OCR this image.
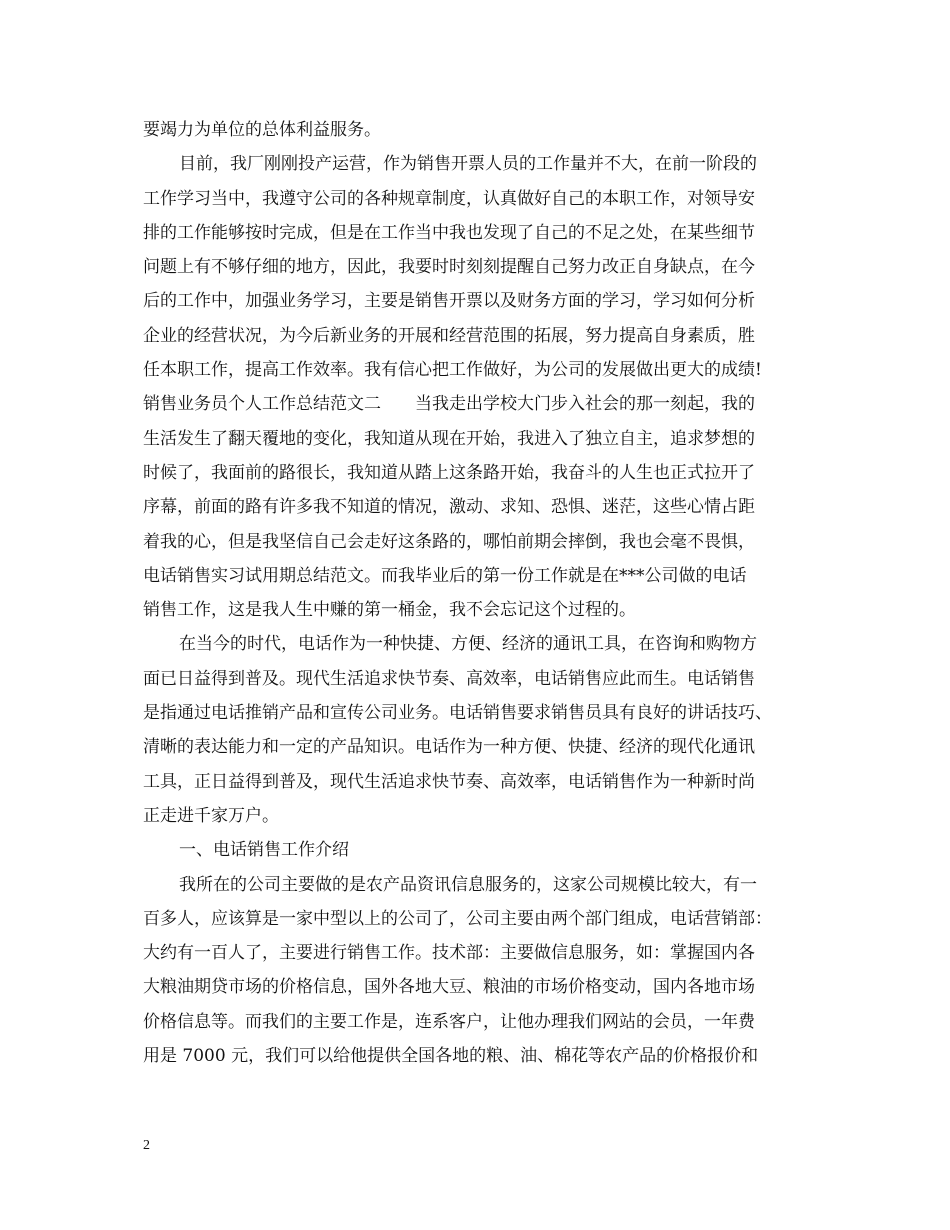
要竭力为单位的总体利益服务。
目前，我厂刚刚投产运营，作为销售开票人员的工作量并不大，在前一阶段的
工作学习当中，我遵守公司的各种规章制度，认真做好自己的本职工作，对领导安
排的工作能够按时完成，但是在工作当中我也发现了自己的不足之处，在某些细节
问题上有不够仔细的地方，因此，我要时时刻刻提醒自己努力改正自身缺点，在今
后的工作中，加强业务学习，主要是销售开票以及财务方面的学习，学习如何分析
企业的经营状况，为今后新业务的开展和经营范围的拓展，努力提高自身素质，胜
任本职工作，提高工作效率。我有信心把工作做好，为公司的发展做出更大的成绩!
销售业务员个人工作总结范文二　　当我走出学校大门步入社会的那一刻起，我的
生活发生了翻天覆地的变化，我知道从现在开始，我进入了独立自主，追求梦想的
时候了，我面前的路很长，我知道从踏上这条路开始，我奋斗的人生也正式拉开了
序幕，前面的路有许多我不知道的情况，激动、求知、恐惧、迷茫，这些心情占距
着我的心，但是我坚信自己会走好这条路的，哪怕前期会摔倒，我也会毫不畏惧，
电话销售实习试用期总结范文。而我毕业后的第一份工作就是在***公司做的电话
销售工作，这是我人生中赚的第一桶金，我不会忘记这个过程的。
在当今的时代，电话作为一种快捷、方便、经济的通讯工具，在咨询和购物方
面已日益得到普及。现代生活追求快节奏、高效率，电话销售应此而生。电话销售
是指通过电话推销产品和宣传公司业务。电话销售要求销售员具有良好的讲话技巧、
清晰的表达能力和一定的产品知识。电话作为一种方便、快捷、经济的现代化通讯
工具，正日益得到普及，现代生活追求快节奏、高效率，电话销售作为一种新时尚
正走进千家万户。
一、电话销售工作介绍
我所在的公司主要做的是农产品资讯信息服务的，这家公司规模比较大，有一
百多人，应该算是一家中型以上的公司了，公司主要由两个部门组成，电话营销部：
大约有一百人了，主要进行销售工作。技术部：主要做信息服务，如：掌握国内各
大粮油期贷市场的价格信息，国外各地大豆、粮油的市场价格变动，国内各地市场
价格信息等。而我们的主要工作是，连系客户，让他办理我们网站的会员，一年费
用是 7000 元，我们可以给他提供全国各地的粮、油、棉花等农产品的价格报价和
2
